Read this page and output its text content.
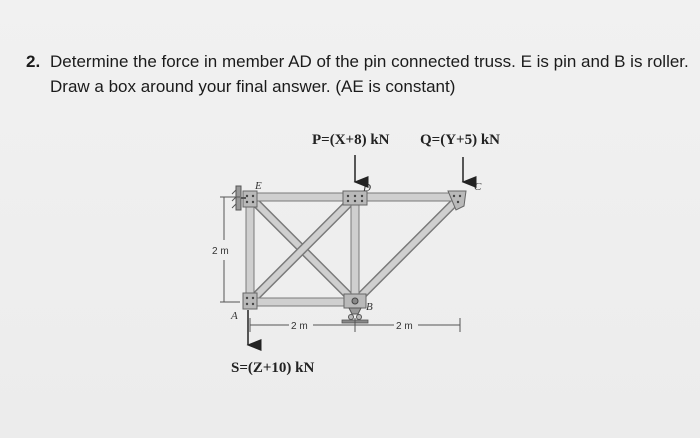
2. Determine the force in member AD of the pin connected truss. E is pin and B is roller.
Draw a box around your final answer. (AE is constant)
E	D	C
A
B
P=(X+8) kN Q=(Y+5) kN
S=(Z+10) kN
2 m
2 m	2 m
